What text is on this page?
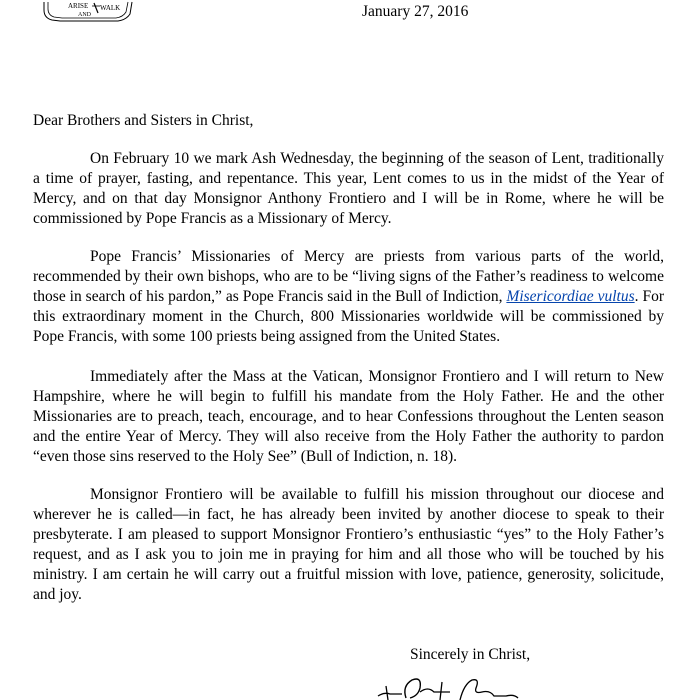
ARISE
AND
WALK	January 27, 2016
Dear Brothers and Sisters in Christ,

On February 10 we mark Ash Wednesday, the beginning of the season of Lent, traditionally a time of prayer, fasting, and repentance. This year, Lent comes to us in the midst of the Year of Mercy, and on that day Monsignor Anthony Frontiero and I will be in Rome, where he will be commissioned by Pope Francis as a Missionary of Mercy.

Pope Francis’ Missionaries of Mercy are priests from various parts of the world, recommended by their own bishops, who are to be “living signs of the Father’s readiness to welcome those in search of his pardon,” as Pope Francis said in the Bull of Indiction, Misericordiae vultus. For this extraordinary moment in the Church, 800 Missionaries worldwide will be commissioned by Pope Francis, with some 100 priests being assigned from the United States.

Immediately after the Mass at the Vatican, Monsignor Frontiero and I will return to New Hampshire, where he will begin to fulfill his mandate from the Holy Father. He and the other Missionaries are to preach, teach, encourage, and to hear Confessions throughout the Lenten season and the entire Year of Mercy. They will also receive from the Holy Father the authority to pardon “even those sins reserved to the Holy See” (Bull of Indiction, n. 18).

Monsignor Frontiero will be available to fulfill his mission throughout our diocese and wherever he is called—in fact, he has already been invited by another diocese to speak to their presbyterate. I am pleased to support Monsignor Frontiero’s enthusiastic “yes” to the Holy Father’s request, and as I ask you to join me in praying for him and all those who will be touched by his ministry. I am certain he will carry out a fruitful mission with love, patience, generosity, solicitude, and joy.

Sincerely in Christ,
